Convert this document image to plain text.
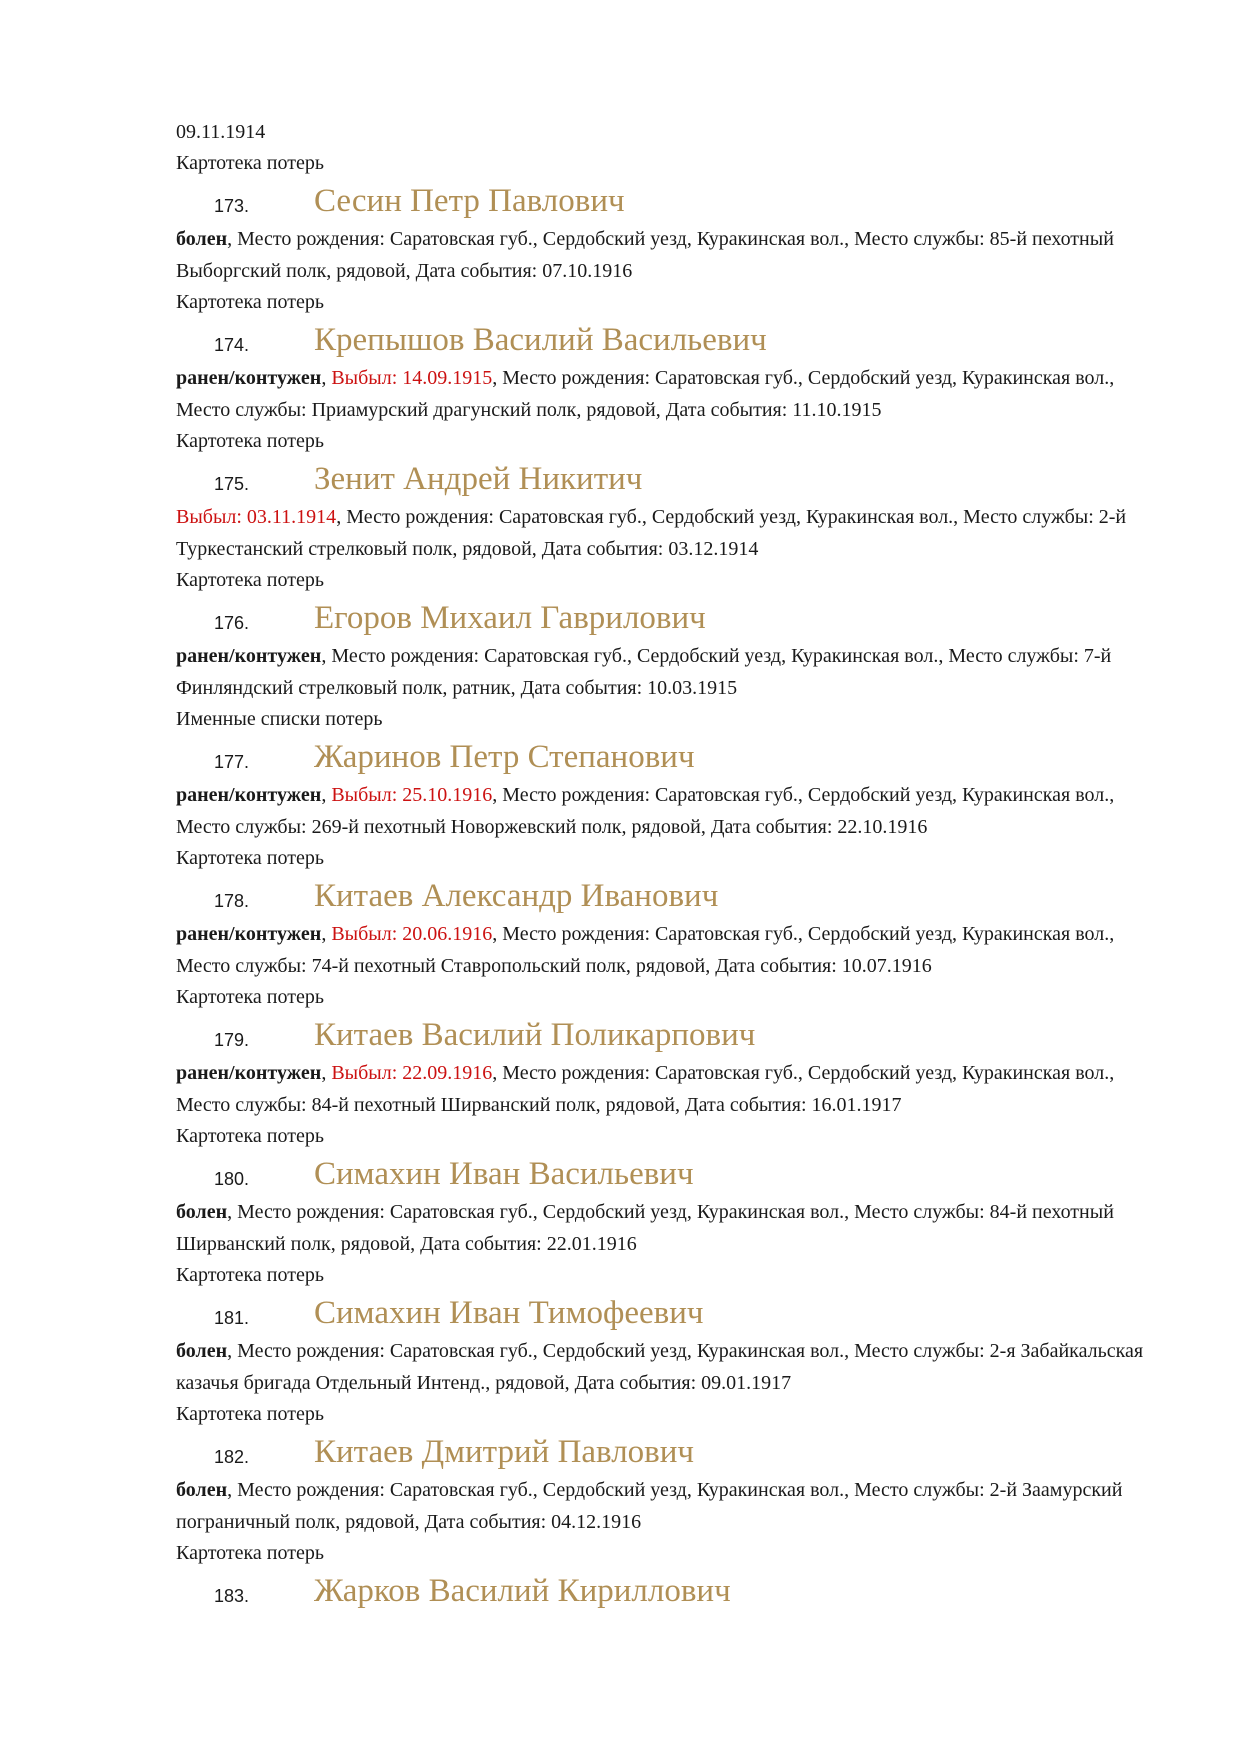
09.11.1914
Картотека потерь
173. Сесин Петр Павлович
болен, Место рождения: Саратовская губ., Сердобский уезд, Куракинская вол., Место службы: 85-й пехотный Выборгский полк, рядовой, Дата события: 07.10.1916
Картотека потерь
174. Крепышов Василий Васильевич
ранен/контужен, Выбыл: 14.09.1915, Место рождения: Саратовская губ., Сердобский уезд, Куракинская вол., Место службы: Приамурский драгунский полк, рядовой, Дата события: 11.10.1915
Картотека потерь
175. Зенит Андрей Никитич
Выбыл: 03.11.1914, Место рождения: Саратовская губ., Сердобский уезд, Куракинская вол., Место службы: 2-й Туркестанский стрелковый полк, рядовой, Дата события: 03.12.1914
Картотека потерь
176. Егоров Михаил Гаврилович
ранен/контужен, Место рождения: Саратовская губ., Сердобский уезд, Куракинская вол., Место службы: 7-й Финляндский стрелковый полк, ратник, Дата события: 10.03.1915
Именные списки потерь
177. Жаринов Петр Степанович
ранен/контужен, Выбыл: 25.10.1916, Место рождения: Саратовская губ., Сердобский уезд, Куракинская вол., Место службы: 269-й пехотный Новоржевский полк, рядовой, Дата события: 22.10.1916
Картотека потерь
178. Китаев Александр Иванович
ранен/контужен, Выбыл: 20.06.1916, Место рождения: Саратовская губ., Сердобский уезд, Куракинская вол., Место службы: 74-й пехотный Ставропольский полк, рядовой, Дата события: 10.07.1916
Картотека потерь
179. Китаев Василий Поликарпович
ранен/контужен, Выбыл: 22.09.1916, Место рождения: Саратовская губ., Сердобский уезд, Куракинская вол., Место службы: 84-й пехотный Ширванский полк, рядовой, Дата события: 16.01.1917
Картотека потерь
180. Симахин Иван Васильевич
болен, Место рождения: Саратовская губ., Сердобский уезд, Куракинская вол., Место службы: 84-й пехотный Ширванский полк, рядовой, Дата события: 22.01.1916
Картотека потерь
181. Симахин Иван Тимофеевич
болен, Место рождения: Саратовская губ., Сердобский уезд, Куракинская вол., Место службы: 2-я Забайкальская казачья бригада Отдельный Интенд., рядовой, Дата события: 09.01.1917
Картотека потерь
182. Китаев Дмитрий Павлович
болен, Место рождения: Саратовская губ., Сердобский уезд, Куракинская вол., Место службы: 2-й Заамурский пограничный полк, рядовой, Дата события: 04.12.1916
Картотека потерь
183. Жарков Василий Кириллович
